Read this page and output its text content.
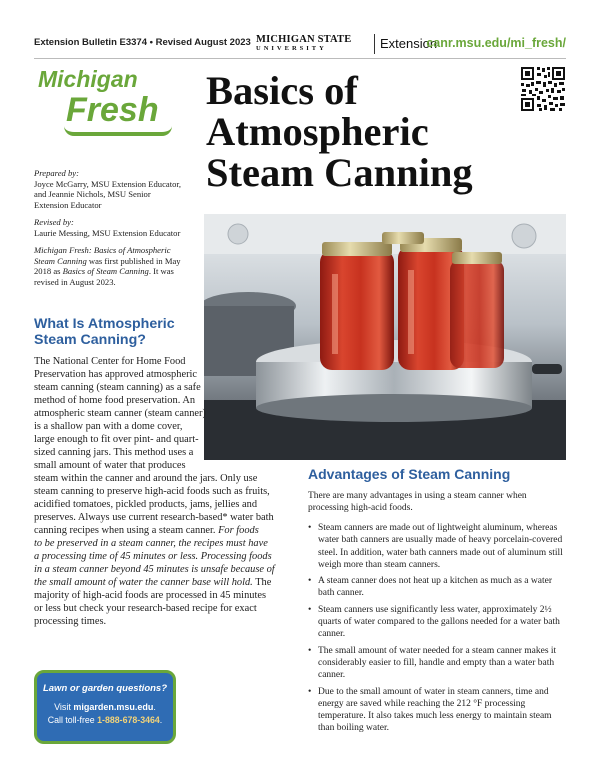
Extension Bulletin E3374 • Revised August 2023 MICHIGAN STATE
UNIVERSITY	Extension
canr.msu.edu/mi_fresh/
Michigan
Fresh	Basics of
Atmospheric
Steam Canning
Prepared by:
Joyce McGarry, MSU Extension Educator,
and Jeannie Nichols, MSU Senior
Extension Educator
Revised by:
Laurie Messing, MSU Extension Educator
Michigan Fresh: Basics of Atmospheric
Steam Canning was first published in May
2018 as Basics of Steam Canning. It was
revised in August 2023.
What Is Atmospheric
Steam Canning?
The National Center for Home Food
Preservation has approved atmospheric
steam canning (steam canning) as a safe
method of home food preservation. An
atmospheric steam canner (steam canner)
is a shallow pan with a dome cover,
large enough to fit over pint- and quart-
sized canning jars. This method uses a
small amount of water that produces
steam within the canner and around the jars. Only use
steam canning to preserve high-acid foods such as fruits,
acidified tomatoes, pickled products, jams, jellies and
preserves. Always use current research-based* water bath
canning recipes when using a steam canner. For foods
to be preserved in a steam canner, the recipes must have
a processing time of 45 minutes or less. Processing foods
in a steam canner beyond 45 minutes is unsafe because of
the small amount of water the canner base will hold. The
majority of high-acid foods are processed in 45 minutes
or less but check your research-based recipe for exact
processing times.
Advantages of Steam Canning

There are many advantages in using a steam canner when processing high-acid foods.

• Steam canners are made out of lightweight aluminum, whereas water bath canners are usually made of heavy porcelain-covered steel. In addition, water bath canners made out of aluminum still weigh more than steam canners.
• A steam canner does not heat up a kitchen as much as a water bath canner.
• Steam canners use significantly less water, approximately 2½ quarts of water compared to the gallons needed for a water bath canner.
• The small amount of water needed for a steam canner makes it considerably easier to fill, handle and empty than a water bath canner.
• Due to the small amount of water in steam canners, time and energy are saved while reaching the 212 °F processing temperature. It also takes much less energy to maintain steam than boiling water.
Lawn or garden questions?
Visit migarden.msu.edu.
Call toll-free 1-888-678-3464.
